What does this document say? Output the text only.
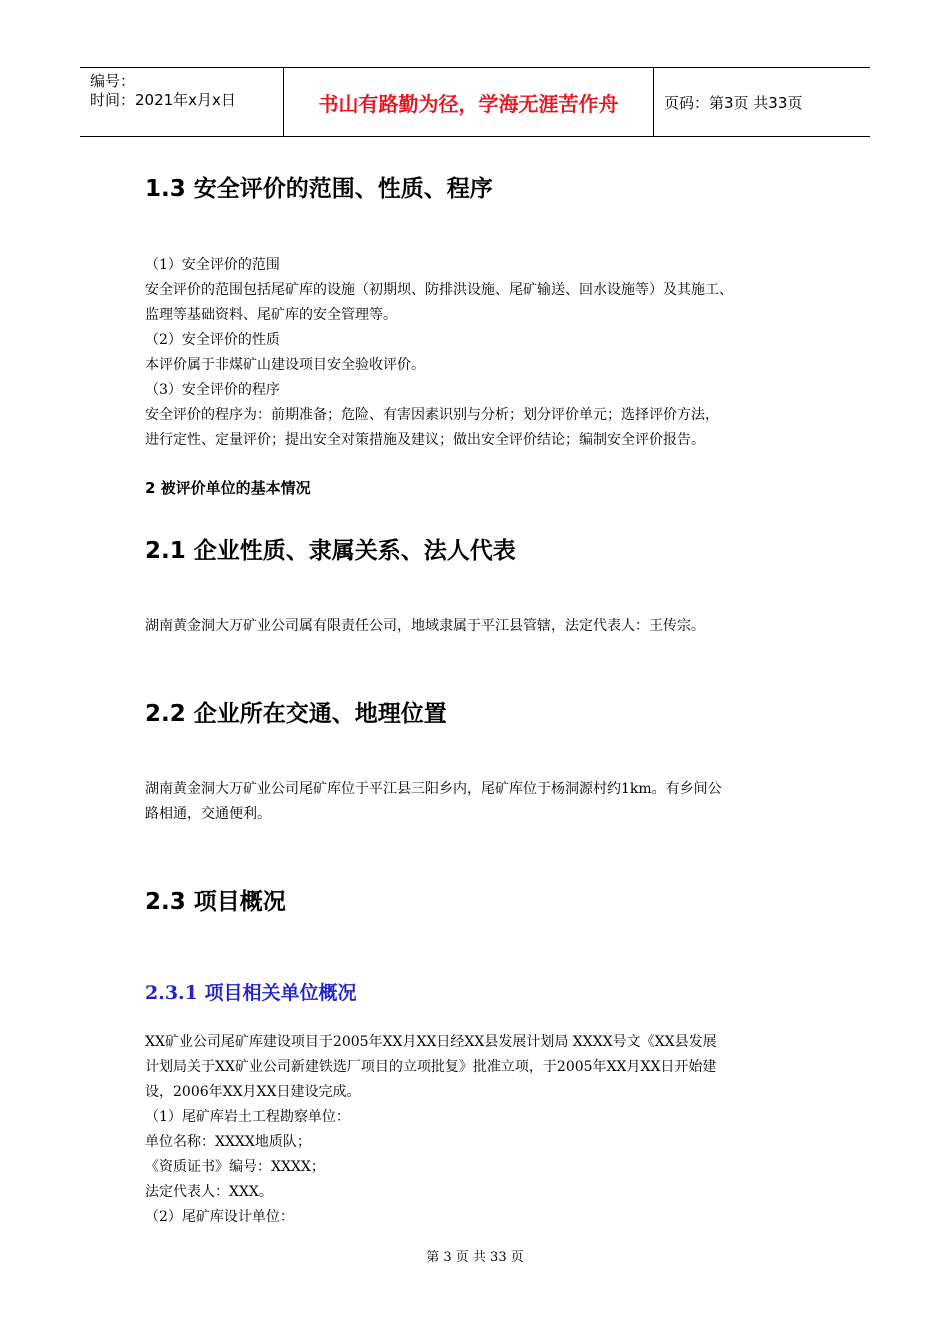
编号：
时间：2021年x月x日	书山有路勤为径，学海无涯苦作舟	页码：第3页 共33页
1.3 安全评价的范围、性质、程序
（1）安全评价的范围
安全评价的范围包括尾矿库的设施（初期坝、防排洪设施、尾矿输送、回水设施等）及其施工、
监理等基础资料、尾矿库的安全管理等。
（2）安全评价的性质
本评价属于非煤矿山建设项目安全验收评价。
（3）安全评价的程序
安全评价的程序为：前期准备；危险、有害因素识别与分析；划分评价单元；选择评价方法，
进行定性、定量评价；提出安全对策措施及建议；做出安全评价结论；编制安全评价报告。
2 被评价单位的基本情况
2.1 企业性质、隶属关系、法人代表
湖南黄金洞大万矿业公司属有限责任公司，地域隶属于平江县管辖，法定代表人：王传宗。
2.2 企业所在交通、地理位置
湖南黄金洞大万矿业公司尾矿库位于平江县三阳乡内，尾矿库位于杨洞源村约1km。有乡间公
路相通，交通便利。
2.3 项目概况
2.3.1 项目相关单位概况
XX矿业公司尾矿库建设项目于2005年XX月XX日经XX县发展计划局 XXXX号文《XX县发展
计划局关于XX矿业公司新建铁选厂项目的立项批复》批准立项，于2005年XX月XX日开始建
设，2006年XX月XX日建设完成。
（1）尾矿库岩土工程勘察单位：
单位名称：XXXX地质队；
《资质证书》编号：XXXX；
法定代表人：XXX。
（2）尾矿库设计单位：
第 3 页 共 33 页
